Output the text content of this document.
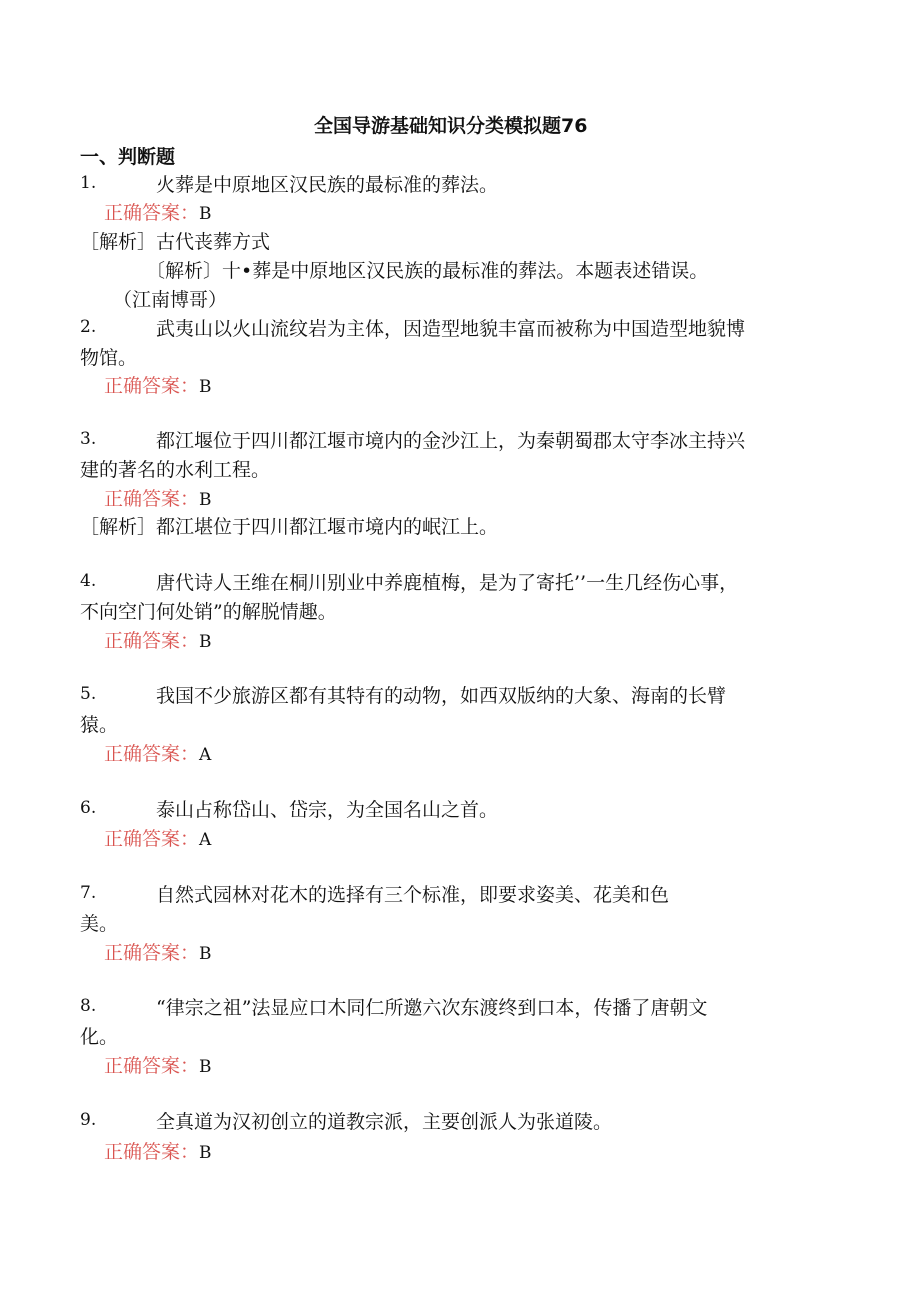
全国导游基础知识分类模拟题76
一、判断题
1.	火葬是中原地区汉民族的最标准的葬法。
正确答案：B
［解析］古代丧葬方式
〔解析〕十•葬是中原地区汉民族的最标准的葬法。本题表述错误。
（江南博哥）
2.	武夷山以火山流纹岩为主体，因造型地貌丰富而被称为中国造型地貌博
物馆。
正确答案：B
3.	都江堰位于四川都江堰市境内的金沙江上，为秦朝蜀郡太守李冰主持兴
建的著名的水利工程。
正确答案：B
［解析］都江堪位于四川都江堰市境内的岷江上。
4.	唐代诗人王维在桐川别业中养鹿植梅，是为了寄托’’一生几经伤心事，
不向空门何处销”的解脱情趣。
正确答案：B
5.	我国不少旅游区都有其特有的动物，如西双版纳的大象、海南的长臂
猿。
正确答案：A
6.	泰山占称岱山、岱宗，为全国名山之首。
正确答案：A
7.	自然式园林对花木的选择有三个标准，即要求姿美、花美和色
美。
正确答案：B
8.	“律宗之祖”法显应口木同仁所邀六次东渡终到口本，传播了唐朝文
化。
正确答案：B
9.	全真道为汉初创立的道教宗派，主要创派人为张道陵。
正确答案：B
